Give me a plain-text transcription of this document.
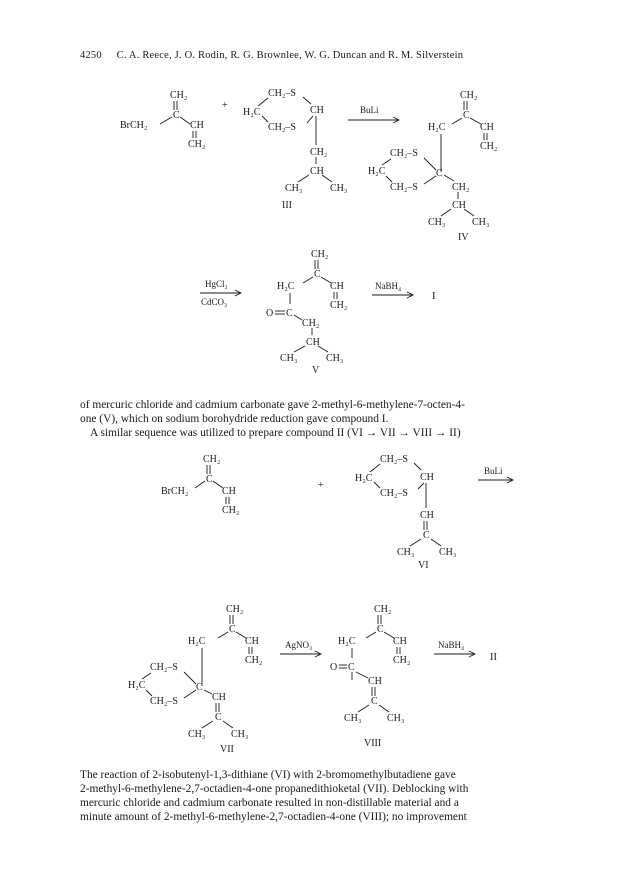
4250 C. A. Reece, J. O. Rodin, R. G. Brownlee, W. G. Duncan and R. M. Silverstein
CH₂
C
BrCH₂	CH
CH₂
+
CH₂–S
H₂C
CH₂–S
CH
CH₂
CH
CH₃	CH₃
III
BuLi
CH₂
C
H₂C	CH
CH₂
CH₂–S
H₂C
CH₂–S
C
CH₂
CH
CH₃	CH₃
IV
HgCl₂
CdCO₃
CH₂
C
H₂C	CH
CH₂
O C
CH₂
CH
CH₃	CH₃
V
NaBH₄
I

of mercuric chloride and cadmium carbonate gave 2-methyl-6-methylene-7-octen-4-

one (V), which on sodium borohydride reduction gave compound I.

A similar sequence was utilized to prepare compound II (VI → VII → VIII → II)

CH₂
C
BrCH₂	CH
CH₂
+
CH₂–S
H₂C
CH₂–S
CH
CH
C
CH₃ CH₃
VI
BuLi
CH₂
C
H₂C	CH
CH₂
CH₂–S
H₂C
CH₂–S
C
CH
C
CH₃	CH₃
VII
AgNO₃
CH₂
C
H₂C	CH
CH₂
O C
CH
C
CH₃	CH₃
VIII
NaBH₄
II

The reaction of 2-isobutenyl-1,3-dithiane (VI) with 2-bromomethylbutadiene gave

2-methyl-6-methylene-2,7-octadien-4-one propanedithioketal (VII). Deblocking with

mercuric chloride and cadmium carbonate resulted in non-distillable material and a

minute amount of 2-methyl-6-methylene-2,7-octadien-4-one (VIII); no improvement
